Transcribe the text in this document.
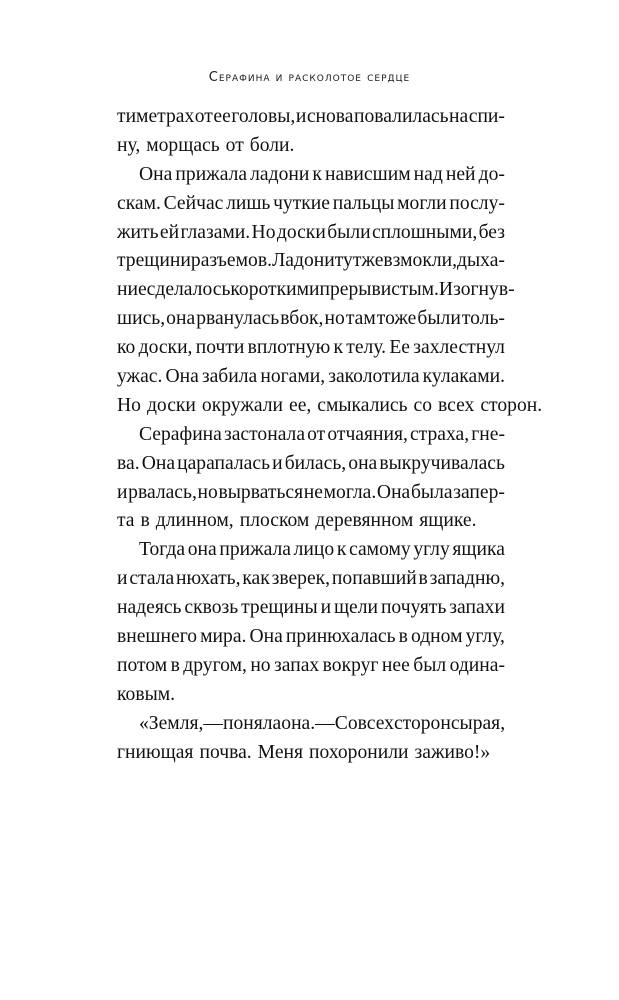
Серафина и расколотое сердце
тиметрах от ее головы, и снова повалилась на спи-
ну, морщась от боли.
Она прижала ладони к нависшим над ней до-
скам. Сейчас лишь чуткие пальцы могли послу-
жить ей глазами. Но доски были сплошными, без
трещин и разъемов. Ладони тут же взмокли, дыха-
ние сделалось коротким и прерывистым. Изогнув-
шись, она рванулась вбок, но там тоже были толь-
ко доски, почти вплотную к телу. Ее захлестнул
ужас. Она забила ногами, заколотила кулаками.
Но доски окружали ее, смыкались со всех сторон.
Серафина застонала от отчаяния, страха, гне-
ва. Она царапалась и билась, она выкручивалась
и рвалась, но вырваться не могла. Она была запер-
та в длинном, плоском деревянном ящике.
Тогда она прижала лицо к самому углу ящика
и стала нюхать, как зверек, попавший в западню,
надеясь сквозь трещины и щели почуять запахи
внешнего мира. Она принюхалась в одном углу,
потом в другом, но запах вокруг нее был одина-
ковым.
«Земля, — поняла она. — Со всех сторон сырая,
гниющая почва. Меня похоронили заживо!»
